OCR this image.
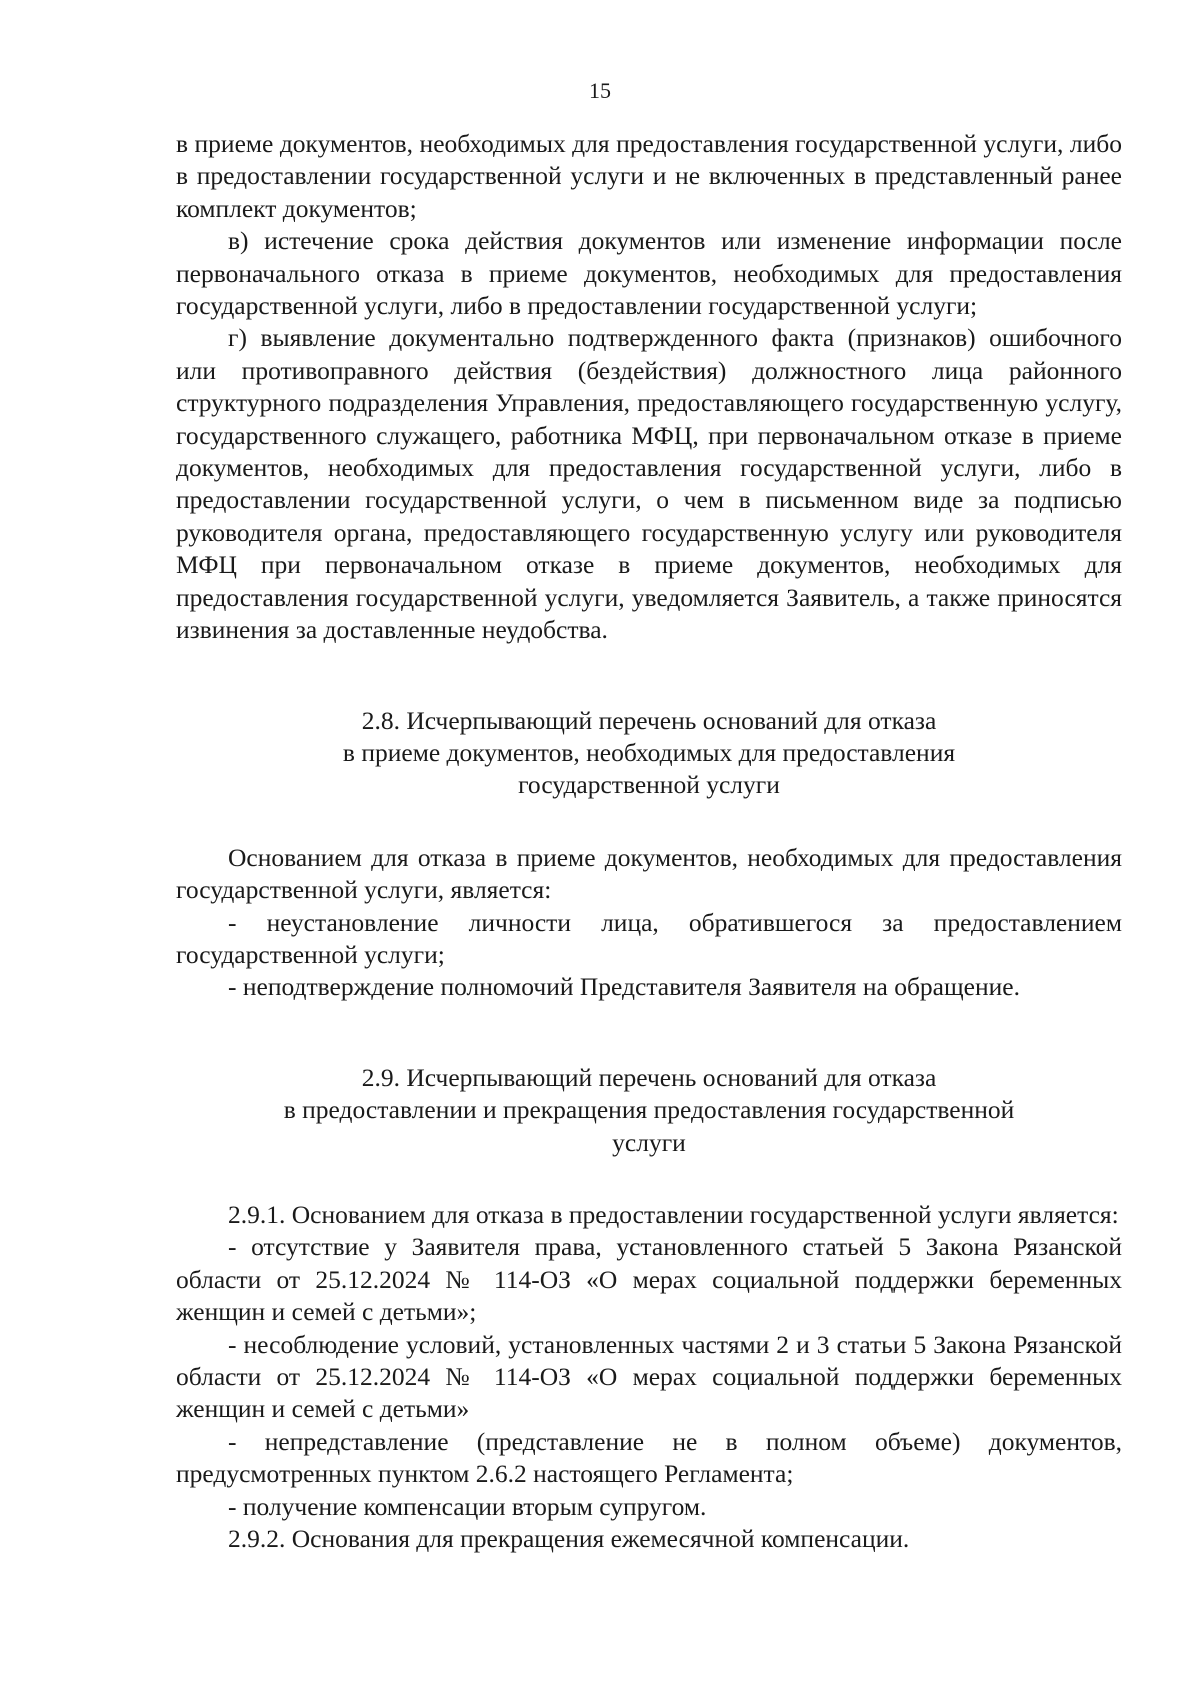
15

в приеме документов, необходимых для предоставления государственной услуги, либо в предоставлении государственной услуги и не включенных в представленный ранее комплект документов;

в) истечение срока действия документов или изменение информации после первоначального отказа в приеме документов, необходимых для предоставления государственной услуги, либо в предоставлении государственной услуги;

г) выявление документально подтвержденного факта (признаков) ошибочного или противоправного действия (бездействия) должностного лица районного структурного подразделения Управления, предоставляющего государственную услугу, государственного служащего, работника МФЦ, при первоначальном отказе в приеме документов, необходимых для предоставления государственной услуги, либо в предоставлении государственной услуги, о чем в письменном виде за подписью руководителя органа, предоставляющего государственную услугу или руководителя МФЦ при первоначальном отказе в приеме документов, необходимых для предоставления государственной услуги, уведомляется Заявитель, а также приносятся извинения за доставленные неудобства.

2.8. Исчерпывающий перечень оснований для отказа
в приеме документов, необходимых для предоставления
государственной услуги

Основанием для отказа в приеме документов, необходимых для предоставления государственной услуги, является:

- неустановление личности лица, обратившегося за предоставлением государственной услуги;

- неподтверждение полномочий Представителя Заявителя на обращение.

2.9. Исчерпывающий перечень оснований для отказа
в предоставлении и прекращения предоставления государственной
услуги

2.9.1. Основанием для отказа в предоставлении государственной услуги является:

- отсутствие у Заявителя права, установленного статьей 5 Закона Рязанской области от 25.12.2024 № 114-ОЗ «О мерах социальной поддержки беременных женщин и семей с детьми»;

- несоблюдение условий, установленных частями 2 и 3 статьи 5 Закона Рязанской области от 25.12.2024 № 114-ОЗ «О мерах социальной поддержки беременных женщин и семей с детьми»

- непредставление (представление не в полном объеме) документов, предусмотренных пунктом 2.6.2 настоящего Регламента;

- получение компенсации вторым супругом.

2.9.2. Основания для прекращения ежемесячной компенсации.
